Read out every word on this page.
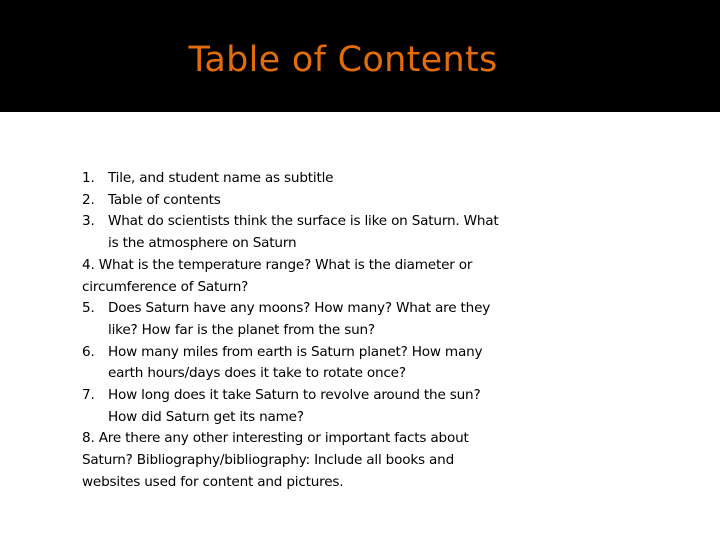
Table of Contents
1. Tile, and student name as subtitle
2. Table of contents
3. What do scientists think the surface is like on Saturn. What is the atmosphere on Saturn
4. What is the temperature range? What is the diameter or circumference of Saturn?
5. Does Saturn have any moons? How many? What are they like? How far is the planet from the sun?
6. How many miles from earth is Saturn planet? How many earth hours/days does it take to rotate once?
7. How long does it take Saturn to revolve around the sun? How did Saturn get its name?
8. Are there any other interesting or important facts about Saturn? Bibliography/bibliography: Include all books and websites used for content and pictures.
